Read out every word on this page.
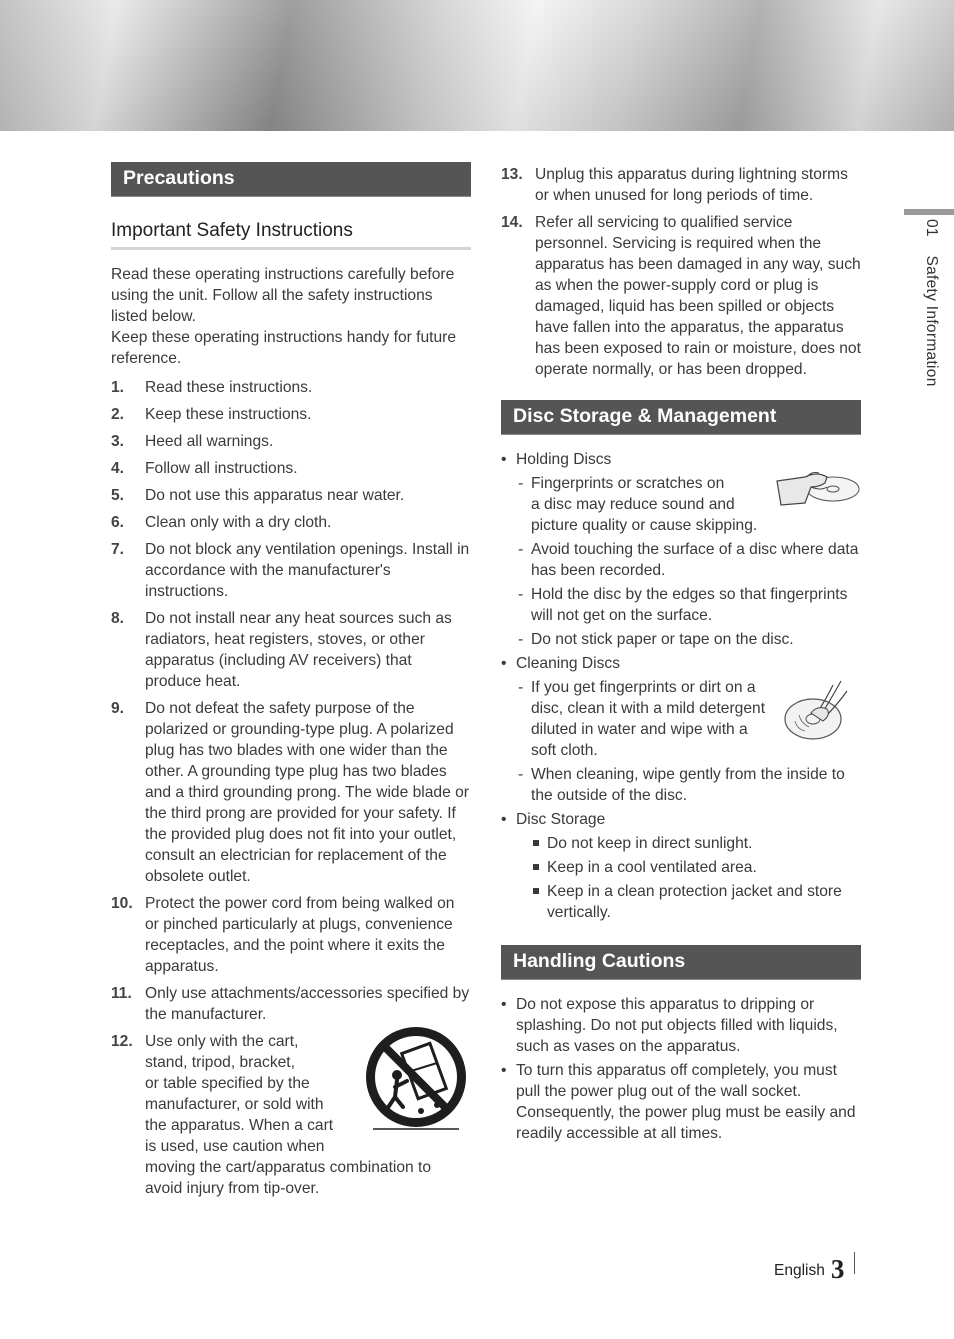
01 Safety Information
Precautions
Important Safety Instructions

Read these operating instructions carefully before using the unit. Follow all the safety instructions listed below.

Keep these operating instructions handy for future reference.

1. Read these instructions.
2. Keep these instructions.
3. Heed all warnings.
4. Follow all instructions.
5. Do not use this apparatus near water.
6. Clean only with a dry cloth.
7. Do not block any ventilation openings. Install in accordance with the manufacturer's instructions.
8. Do not install near any heat sources such as radiators, heat registers, stoves, or other apparatus (including AV receivers) that produce heat.
9. Do not defeat the safety purpose of the polarized or grounding-type plug. A polarized plug has two blades with one wider than the other. A grounding type plug has two blades and a third grounding prong. The wide blade or the third prong are provided for your safety. If the provided plug does not fit into your outlet, consult an electrician for replacement of the obsolete outlet.
10. Protect the power cord from being walked on or pinched particularly at plugs, convenience receptacles, and the point where it exits the apparatus.
11. Only use attachments/accessories specified by the manufacturer.
12. Use only with the cart,
stand, tripod, bracket,
or table specified by the
manufacturer, or sold with
the apparatus. When a cart
is used, use caution when
moving the cart/apparatus combination to avoid injury from tip-over.
13. Unplug this apparatus during lightning storms or when unused for long periods of time.
14. Refer all servicing to qualified service personnel. Servicing is required when the apparatus has been damaged in any way, such as when the power-supply cord or plug is damaged, liquid has been spilled or objects have fallen into the apparatus, the apparatus has been exposed to rain or moisture, does not operate normally, or has been dropped.
Disc Storage & Management
• Holding Discs
- Fingerprints or scratches on
a disc may reduce sound and
picture quality or cause skipping.
- Avoid touching the surface of a disc where data has been recorded.
- Hold the disc by the edges so that fingerprints will not get on the surface.
- Do not stick paper or tape on the disc.
• Cleaning Discs
- If you get fingerprints or dirt on a
disc, clean it with a mild detergent
diluted in water and wipe with a
soft cloth.
- When cleaning, wipe gently from the inside to the outside of the disc.
• Disc Storage
Do not keep in direct sunlight.
Keep in a cool ventilated area.
Keep in a clean protection jacket and store vertically.
Handling Cautions
• Do not expose this apparatus to dripping or splashing. Do not put objects filled with liquids, such as vases on the apparatus.
• To turn this apparatus off completely, you must pull the power plug out of the wall socket. Consequently, the power plug must be easily and readily accessible at all times.
English 3
